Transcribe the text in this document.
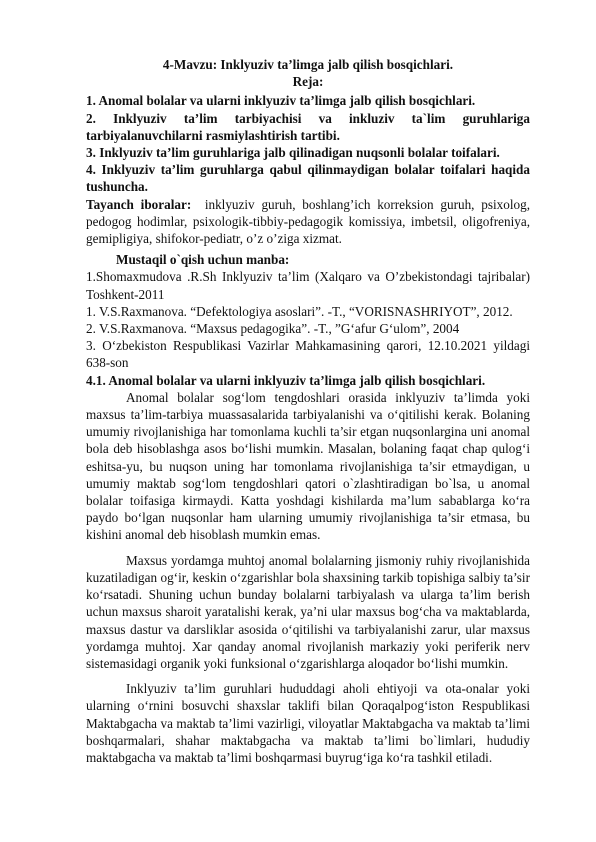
4-Mavzu: Inklyuziv ta’limga jalb qilish bosqichlari.
Reja:
1. Anomal bolalar va ularni inklyuziv ta’limga jalb qilish bosqichlari.
2. Inklyuziv ta’lim tarbiyachisi va inkluziv ta`lim guruhlariga tarbiyalanuvchilarni rasmiylashtirish tartibi.
3. Inklyuziv ta’lim guruhlariga jalb qilinadigan nuqsonli bolalar toifalari.
4. Inklyuziv ta’lim guruhlarga qabul qilinmaydigan bolalar toifalari haqida tushuncha.

Tayanch iboralar: inklyuziv guruh, boshlang’ich korreksion guruh, psixolog, pedogog hodimlar, psixologik-tibbiy-pedagogik komissiya, imbetsil, oligofreniya, gemipligiya, shifokor-pediatr, o’z o’ziga xizmat.

Mustaqil o`qish uchun manba:
1.Shomaxmudova .R.Sh Inklyuziv ta’lim (Xalqaro va O’zbekistondagi tajribalar) Toshkent-2011
1. V.S.Raxmanova. “Defektologiya asoslari”. -T., “VORISNASHRIYOT”, 2012.
2. V.S.Raxmanova. “Maxsus pedagogika”. -T., ”G‘afur G‘ulom”, 2004
3. O‘zbekiston Respublikasi Vazirlar Mahkamasining qarori, 12.10.2021 yildagi 638-son
4.1. Anomal bolalar va ularni inklyuziv ta’limga jalb qilish bosqichlari.

Anomal bolalar sog‘lom tengdoshlari orasida inklyuziv ta’limda yoki maxsus ta’lim-tarbiya muassasalarida tarbiyalanishi va o‘qitilishi kerak. Bolaning umumiy rivojlanishiga har tomonlama kuchli ta’sir etgan nuqsonlargina uni anomal bola deb hisoblashga asos bo‘lishi mumkin. Masalan, bolaning faqat chap qulog‘i eshitsa-yu, bu nuqson uning har tomonlama rivojlanishiga ta’sir etmaydigan, u umumiy maktab sog‘lom tengdoshlari qatori o`zlashtiradigan bo`lsa, u anomal bolalar toifasiga kirmaydi. Katta yoshdagi kishilarda ma’lum sabablarga ko‘ra paydo bo‘lgan nuqsonlar ham ularning umumiy rivojlanishiga ta’sir etmasa, bu kishini anomal deb hisoblash mumkin emas.

Maxsus yordamga muhtoj anomal bolalarning jismoniy ruhiy rivojlanishida kuzatiladigan og‘ir, keskin o‘zgarishlar bola shaxsining tarkib topishiga salbiy ta’sir ko‘rsatadi. Shuning uchun bunday bolalarni tarbiyalash va ularga ta’lim berish uchun maxsus sharoit yaratalishi kerak, ya’ni ular maxsus bog‘cha va maktablarda, maxsus dastur va darsliklar asosida o‘qitilishi va tarbiyalanishi zarur, ular maxsus yordamga muhtoj. Xar qanday anomal rivojlanish markaziy yoki periferik nerv sistemasidagi organik yoki funksional o‘zgarishlarga aloqador bo‘lishi mumkin.

Inklyuziv ta’lim guruhlari hududdagi aholi ehtiyoji va ota-onalar yoki ularning o‘rnini bosuvchi shaxslar taklifi bilan Qoraqalpog‘iston Respublikasi Maktabgacha va maktab ta’limi vazirligi, viloyatlar Maktabgacha va maktab ta’limi boshqarmalari, shahar maktabgacha va maktab ta’limi bo`limlari, hududiy maktabgacha va maktab ta’limi boshqarmasi buyrug‘iga ko‘ra tashkil etiladi.
